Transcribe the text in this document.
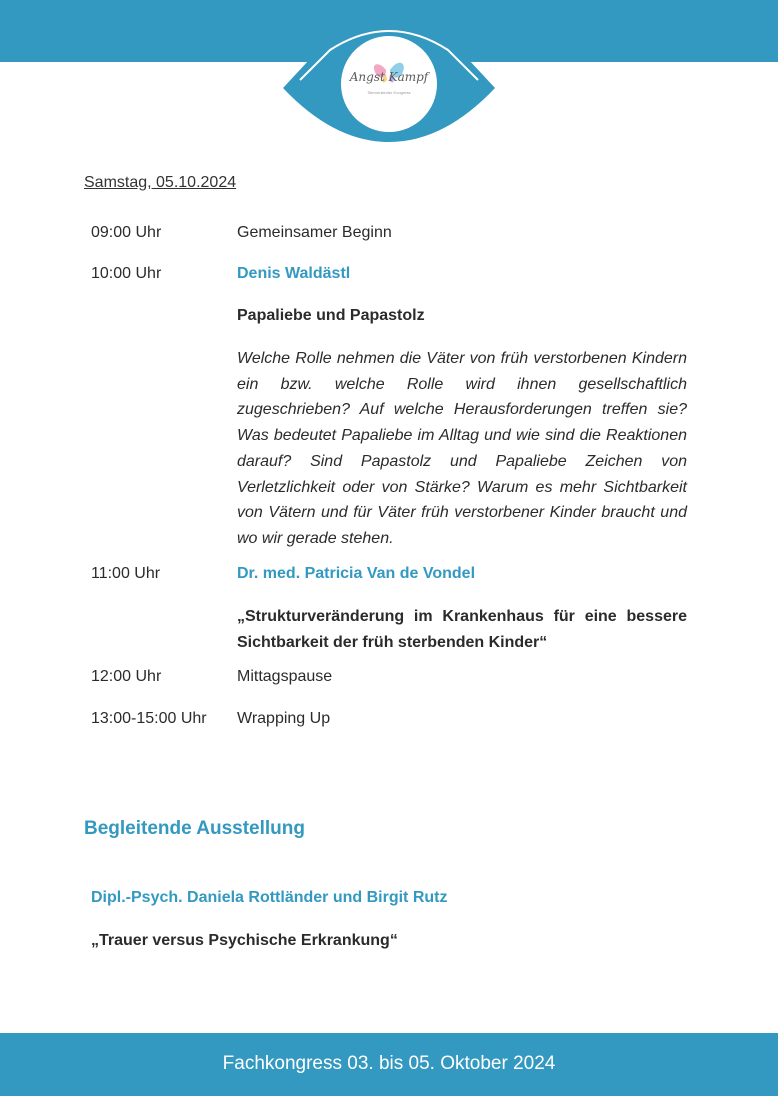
Angst Kampf
Sternenkinder Kongress
Samstag, 05.10.2024
09:00 Uhr	Gemeinsamer Beginn
10:00 Uhr	Denis Waldästl
Papaliebe und Papastolz
Welche Rolle nehmen die Väter von früh verstorbenen Kindern ein bzw. welche Rolle wird ihnen gesellschaftlich zugeschrieben? Auf welche Herausforderungen treffen sie? Was bedeutet Papaliebe im Alltag und wie sind die Reaktionen darauf? Sind Papastolz und Papaliebe Zeichen von Verletzlichkeit oder von Stärke? Warum es mehr Sichtbarkeit von Vätern und für Väter früh verstorbener Kinder braucht und wo wir gerade stehen.
11:00 Uhr	Dr. med. Patricia Van de Vondel
„Strukturveränderung im Krankenhaus für eine bessere Sichtbarkeit der früh sterbenden Kinder“
12:00 Uhr	Mittagspause
13:00-15:00 Uhr Wrapping Up
Begleitende Ausstellung
Dipl.-Psych. Daniela Rottländer und Birgit Rutz
„Trauer versus Psychische Erkrankung“
Fachkongress 03. bis 05. Oktober 2024
